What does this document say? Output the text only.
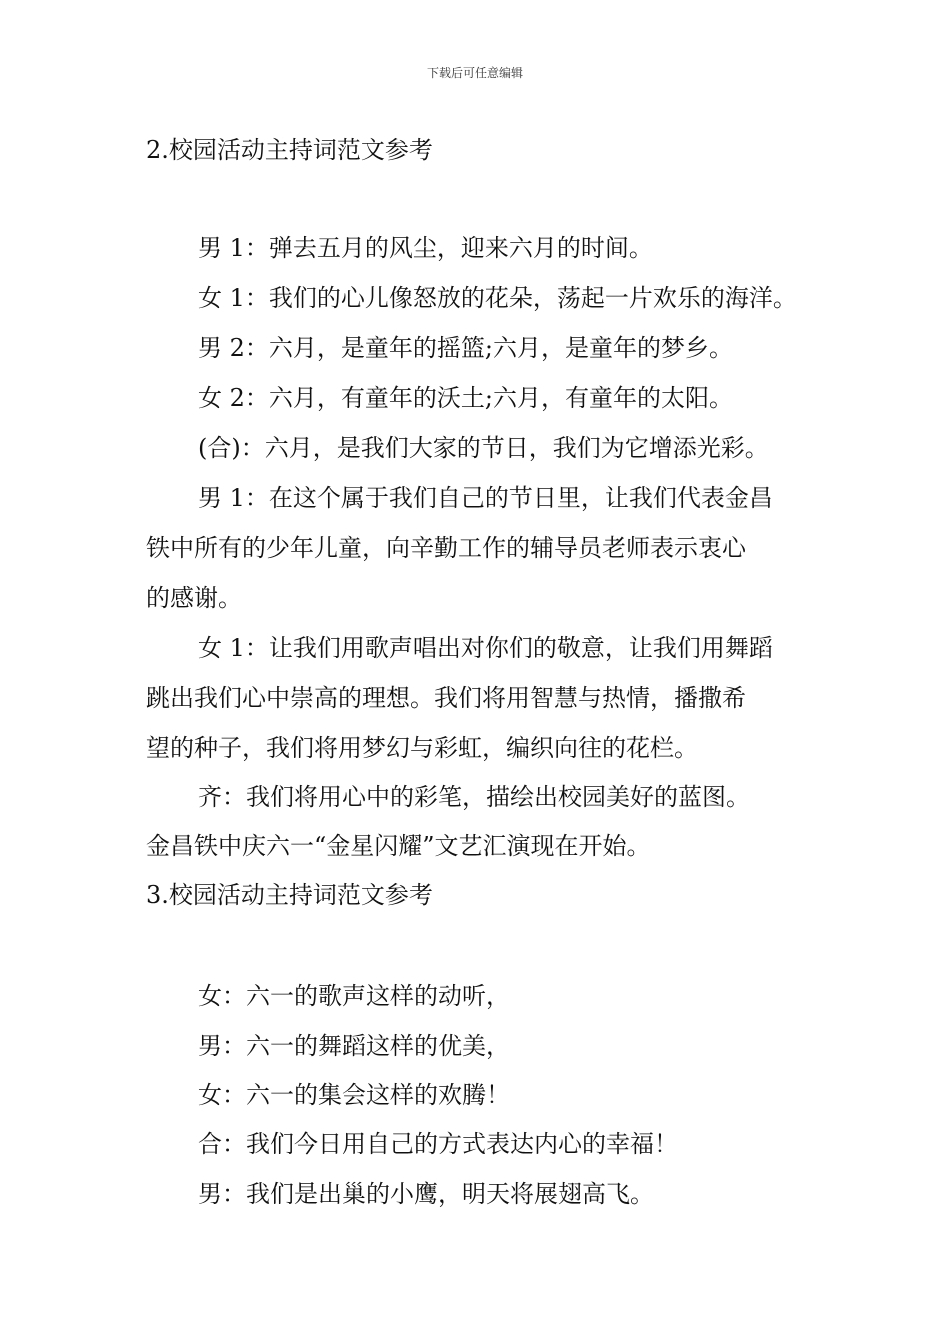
下载后可任意编辑
2.校园活动主持词范文参考
男 1：弹去五月的风尘，迎来六月的时间。
女 1：我们的心儿像怒放的花朵，荡起一片欢乐的海洋。
男 2：六月，是童年的摇篮;六月，是童年的梦乡。
女 2：六月，有童年的沃土;六月，有童年的太阳。
(合)：六月，是我们大家的节日，我们为它增添光彩。
男 1：在这个属于我们自己的节日里，让我们代表金昌
铁中所有的少年儿童，向辛勤工作的辅导员老师表示衷心
的感谢。
女 1：让我们用歌声唱出对你们的敬意，让我们用舞蹈
跳出我们心中崇高的理想。我们将用智慧与热情，播撒希
望的种子，我们将用梦幻与彩虹，编织向往的花栏。
齐：我们将用心中的彩笔，描绘出校园美好的蓝图。
金昌铁中庆六一“金星闪耀”文艺汇演现在开始。
3.校园活动主持词范文参考
女：六一的歌声这样的动听，
男：六一的舞蹈这样的优美，
女：六一的集会这样的欢腾！
合：我们今日用自己的方式表达内心的幸福！
男：我们是出巢的小鹰，明天将展翅高飞。
